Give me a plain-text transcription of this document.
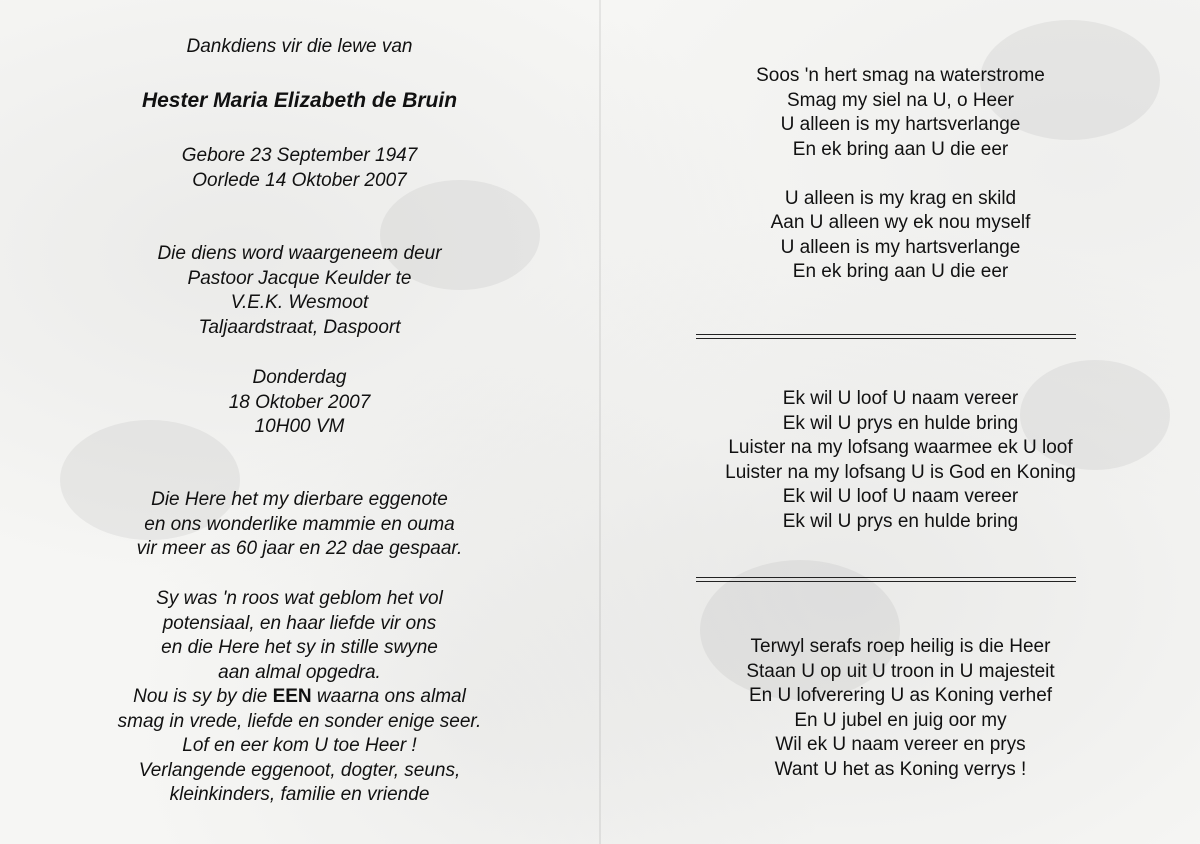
Dankdiens vir die lewe van
Hester Maria Elizabeth de Bruin
Gebore 23 September 1947
Oorlede 14 Oktober 2007
Die diens word waargeneem deur
Pastoor Jacque Keulder te
V.E.K. Wesmoot
Taljaardstraat, Daspoort
Donderdag
18 Oktober 2007
10H00 VM
Die Here het my dierbare eggenote
en ons wonderlike mammie en ouma
vir meer as 60 jaar en 22 dae gespaar.
Sy was 'n roos wat geblom het vol
potensiaal, en haar liefde vir ons
en die Here het sy in stille swyne
aan almal opgedra.
Nou is sy by die EEN waarna ons almal
smag in vrede, liefde en sonder enige seer.
Lof en eer kom U toe Heer !
Verlangende eggenoot, dogter, seuns,
kleinkinders, familie en vriende
Soos 'n hert smag na waterstrome
Smag my siel na U, o Heer
U alleen is my hartsverlange
En ek bring aan U die eer

U alleen is my krag en skild
Aan U alleen wy ek nou myself
U alleen is my hartsverlange
En ek bring aan U die eer
Ek wil U loof U naam vereer
Ek wil U prys en hulde bring
Luister na my lofsang waarmee ek U loof
Luister na my lofsang U is God en Koning
Ek wil U loof U naam vereer
Ek wil U prys en hulde bring
Terwyl serafs roep heilig is die Heer
Staan U op uit U troon in U majesteit
En U lofverering U as Koning verhef
En U jubel en juig oor my
Wil ek U naam vereer en prys
Want U het as Koning verrys !
